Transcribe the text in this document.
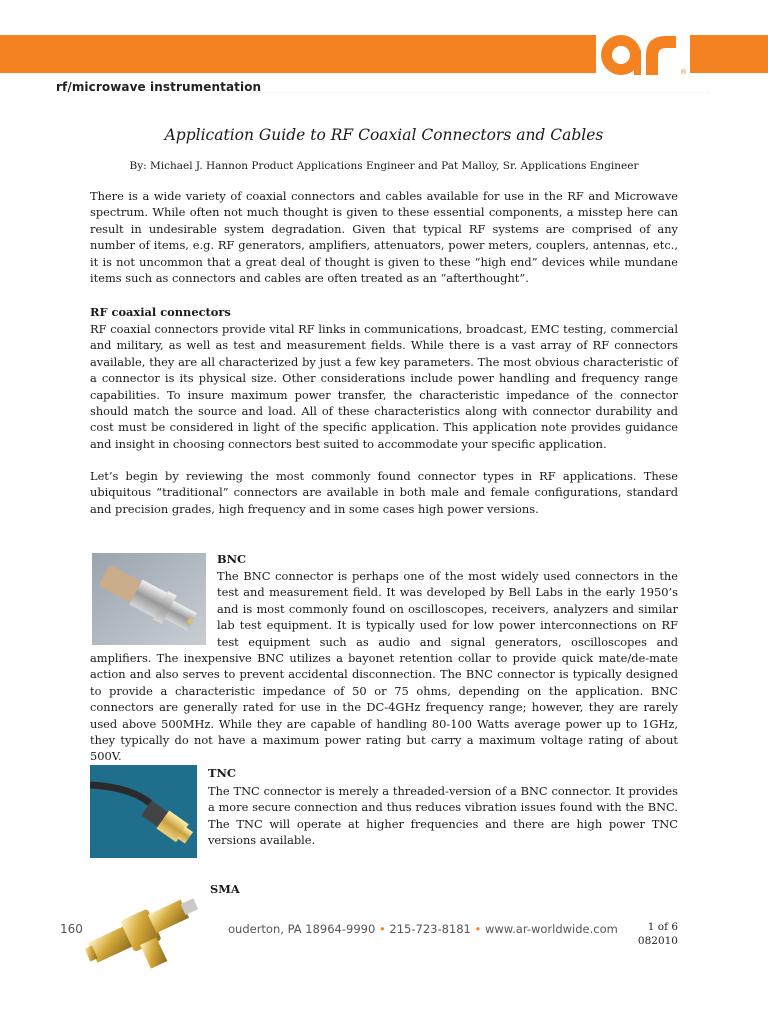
®
rf/microwave instrumentation
Application Guide to RF Coaxial Connectors and Cables
By: Michael J. Hannon Product Applications Engineer and Pat Malloy, Sr. Applications Engineer

There is a wide variety of coaxial connectors and cables available for use in the RF and Microwave spectrum. While often not much thought is given to these essential components, a misstep here can result in undesirable system degradation. Given that typical RF systems are comprised of any number of items, e.g. RF generators, amplifiers, attenuators, power meters, couplers, antennas, etc., it is not uncommon that a great deal of thought is given to these “high end” devices while mundane items such as connectors and cables are often treated as an “afterthought”.

RF coaxial connectors

RF coaxial connectors provide vital RF links in communications, broadcast, EMC testing, commercial and military, as well as test and measurement fields. While there is a vast array of RF connectors available, they are all characterized by just a few key parameters. The most obvious characteristic of a connector is its physical size. Other considerations include power handling and frequency range capabilities. To insure maximum power transfer, the characteristic impedance of the connector should match the source and load. All of these characteristics along with connector durability and cost must be considered in light of the specific application. This application note provides guidance and insight in choosing connectors best suited to accommodate your specific application.

Let’s begin by reviewing the most commonly found connector types in RF applications. These ubiquitous “traditional” connectors are available in both male and female configurations, standard and precision grades, high frequency and in some cases high power versions.

BNC

The BNC connector is perhaps one of the most widely used connectors in the test and measurement field. It was developed by Bell Labs in the early 1950’s and is most commonly found on oscilloscopes, receivers, analyzers and similar lab test equipment. It is typically used for low power interconnections on RF test equipment such as audio and signal generators, oscilloscopes and amplifiers. The inexpensive BNC utilizes a bayonet retention collar to provide quick mate/de-mate action and also serves to prevent accidental disconnection. The BNC connector is typically designed to provide a characteristic impedance of 50 or 75 ohms, depending on the application. BNC connectors are generally rated for use in the DC-4GHz frequency range; however, they are rarely used above 500MHz. While they are capable of handling 80-100 Watts average power up to 1GHz, they typically do not have a maximum power rating but carry a maximum voltage rating of about 500V.

TNC

The TNC connector is merely a threaded-version of a BNC connector. It provides a more secure connection and thus reduces vibration issues found with the BNC. The TNC will operate at higher frequencies and there are high power TNC versions available.

SMA

160	ouderton, PA 18964-9990 • 215-723-8181 • www.ar-worldwide.com	1 of 6
082010
